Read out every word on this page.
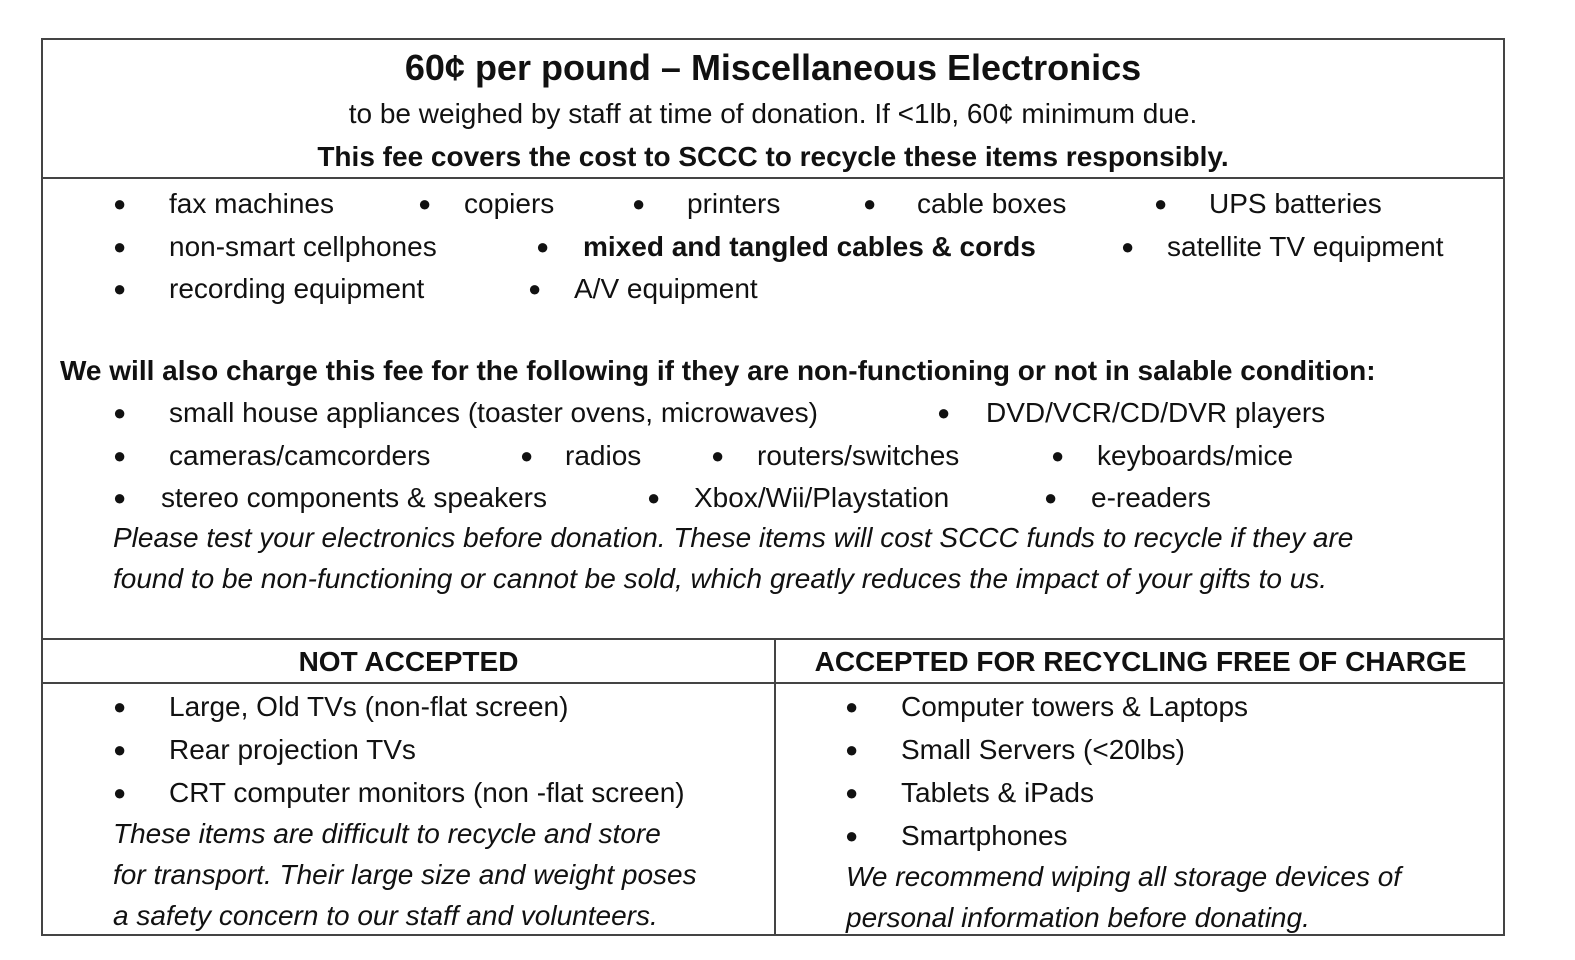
60¢ per pound – Miscellaneous Electronics
to be weighed by staff at time of donation. If <1lb, 60¢ minimum due.
This fee covers the cost to SCCC to recycle these items responsibly.
● fax machines	● copiers	● printers	● cable boxes	● UPS batteries
● non-smart cellphones	● mixed and tangled cables & cords	● satellite TV equipment
● recording equipment	● A/V equipment
We will also charge this fee for the following if they are non-functioning or not in salable condition:
● small house appliances (toaster ovens, microwaves)	● DVD/VCR/CD/DVR players
● cameras/camcorders	● radios	● routers/switches	● keyboards/mice
● stereo components & speakers	● Xbox/Wii/Playstation	● e-readers
Please test your electronics before donation. These items will cost SCCC funds to recycle if they are
found to be non-functioning or cannot be sold, which greatly reduces the impact of your gifts to us.
NOT ACCEPTED
● Large, Old TVs (non-flat screen)
● Rear projection TVs
● CRT computer monitors (non -flat screen)
These items are difficult to recycle and store
for transport. Their large size and weight poses
a safety concern to our staff and volunteers.
ACCEPTED FOR RECYCLING FREE OF CHARGE
● Computer towers & Laptops
● Small Servers (<20lbs)
● Tablets & iPads
● Smartphones
We recommend wiping all storage devices of
personal information before donating.
